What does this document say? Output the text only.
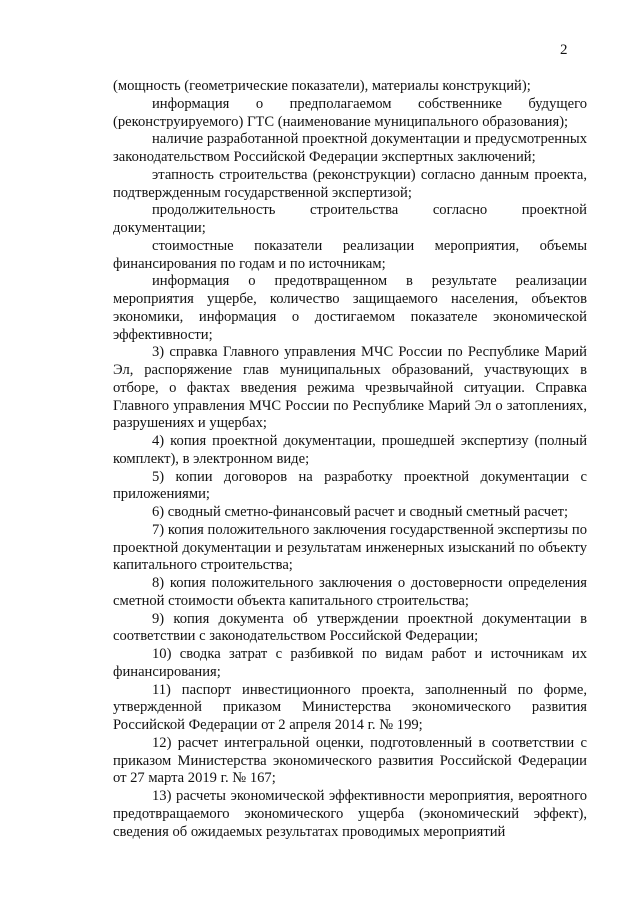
2

(мощность (геометрические показатели), материалы конструкций);

информация о предполагаемом собственнике будущего (реконструируемого) ГТС (наименование муниципального образования);

наличие разработанной проектной документации и предусмотренных законодательством Российской Федерации экспертных заключений;

этапность строительства (реконструкции) согласно данным проекта, подтвержденным государственной экспертизой;

продолжительность строительства согласно проектной документации;

стоимостные показатели реализации мероприятия, объемы финансирования по годам и по источникам;

информация о предотвращенном в результате реализации мероприятия ущербе, количество защищаемого населения, объектов экономики, информация о достигаемом показателе экономической эффективности;

3) справка Главного управления МЧС России по Республике Марий Эл, распоряжение глав муниципальных образований, участвующих в отборе, о фактах введения режима чрезвычайной ситуации. Справка Главного управления МЧС России по Республике Марий Эл о затоплениях, разрушениях и ущербах;

4) копия проектной документации, прошедшей экспертизу (полный комплект), в электронном виде;

5) копии договоров на разработку проектной документации с приложениями;

6) сводный сметно-финансовый расчет и сводный сметный расчет;

7) копия положительного заключения государственной экспертизы по проектной документации и результатам инженерных изысканий по объекту капитального строительства;

8) копия положительного заключения о достоверности определения сметной стоимости объекта капитального строительства;

9) копия документа об утверждении проектной документации в соответствии с законодательством Российской Федерации;

10) сводка затрат с разбивкой по видам работ и источникам их финансирования;

11) паспорт инвестиционного проекта, заполненный по форме, утвержденной приказом Министерства экономического развития Российской Федерации от 2 апреля 2014 г. № 199;

12) расчет интегральной оценки, подготовленный в соответствии с приказом Министерства экономического развития Российской Федерации от 27 марта 2019 г. № 167;

13) расчеты экономической эффективности мероприятия, вероятного предотвращаемого экономического ущерба (экономический эффект), сведения об ожидаемых результатах проводимых мероприятий
